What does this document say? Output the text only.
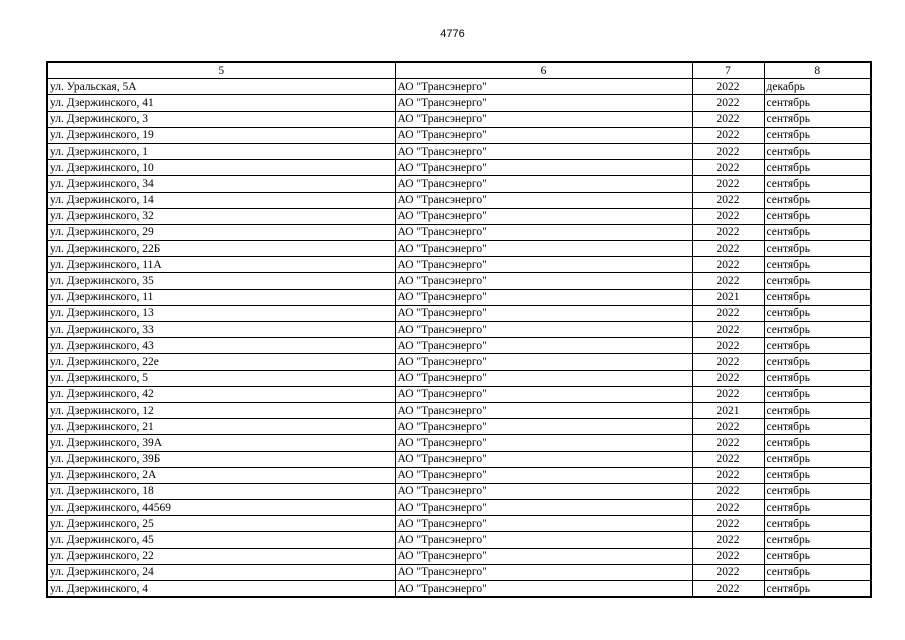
4776
5	6	7	8
ул. Уральская, 5А	АО "Трансэнерго"	2022	декабрь
ул. Дзержинского, 41	АО "Трансэнерго"	2022	сентябрь
ул. Дзержинского, 3	АО "Трансэнерго"	2022	сентябрь
ул. Дзержинского, 19	АО "Трансэнерго"	2022	сентябрь
ул. Дзержинского, 1	АО "Трансэнерго"	2022	сентябрь
ул. Дзержинского, 10	АО "Трансэнерго"	2022	сентябрь
ул. Дзержинского, 34	АО "Трансэнерго"	2022	сентябрь
ул. Дзержинского, 14	АО "Трансэнерго"	2022	сентябрь
ул. Дзержинского, 32	АО "Трансэнерго"	2022	сентябрь
ул. Дзержинского, 29	АО "Трансэнерго"	2022	сентябрь
ул. Дзержинского, 22Б	АО "Трансэнерго"	2022	сентябрь
ул. Дзержинского, 11А	АО "Трансэнерго"	2022	сентябрь
ул. Дзержинского, 35	АО "Трансэнерго"	2022	сентябрь
ул. Дзержинского, 11	АО "Трансэнерго"	2021	сентябрь
ул. Дзержинского, 13	АО "Трансэнерго"	2022	сентябрь
ул. Дзержинского, 33	АО "Трансэнерго"	2022	сентябрь
ул. Дзержинского, 43	АО "Трансэнерго"	2022	сентябрь
ул. Дзержинского, 22е	АО "Трансэнерго"	2022	сентябрь
ул. Дзержинского, 5	АО "Трансэнерго"	2022	сентябрь
ул. Дзержинского, 42	АО "Трансэнерго"	2022	сентябрь
ул. Дзержинского, 12	АО "Трансэнерго"	2021	сентябрь
ул. Дзержинского, 21	АО "Трансэнерго"	2022	сентябрь
ул. Дзержинского, 39А	АО "Трансэнерго"	2022	сентябрь
ул. Дзержинского, 39Б	АО "Трансэнерго"	2022	сентябрь
ул. Дзержинского, 2А	АО "Трансэнерго"	2022	сентябрь
ул. Дзержинского, 18	АО "Трансэнерго"	2022	сентябрь
ул. Дзержинского, 44569	АО "Трансэнерго"	2022	сентябрь
ул. Дзержинского, 25	АО "Трансэнерго"	2022	сентябрь
ул. Дзержинского, 45	АО "Трансэнерго"	2022	сентябрь
ул. Дзержинского, 22	АО "Трансэнерго"	2022	сентябрь
ул. Дзержинского, 24	АО "Трансэнерго"	2022	сентябрь
ул. Дзержинского, 4	АО "Трансэнерго"	2022	сентябрь
